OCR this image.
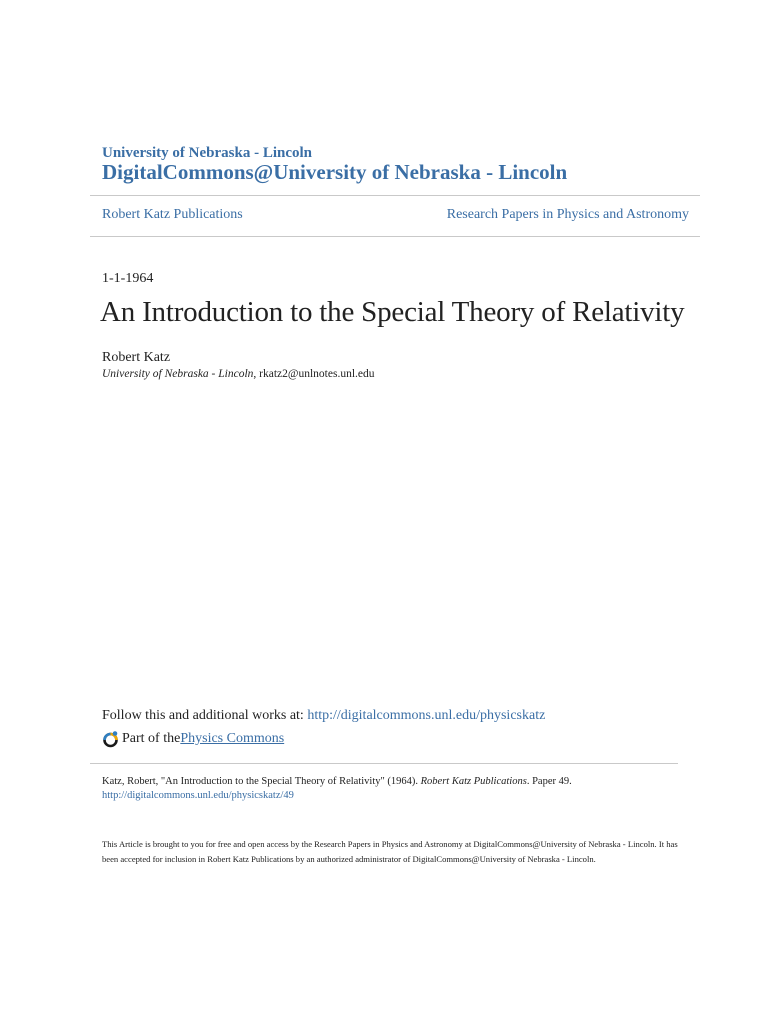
University of Nebraska - Lincoln
DigitalCommons@University of Nebraska - Lincoln
Robert Katz Publications	Research Papers in Physics and Astronomy
1-1-1964
An Introduction to the Special Theory of Relativity
Robert Katz
University of Nebraska - Lincoln, rkatz2@unlnotes.unl.edu
Follow this and additional works at: http://digitalcommons.unl.edu/physicskatz
Part of the Physics Commons
Katz, Robert, "An Introduction to the Special Theory of Relativity" (1964). Robert Katz Publications. Paper 49.
http://digitalcommons.unl.edu/physicskatz/49
This Article is brought to you for free and open access by the Research Papers in Physics and Astronomy at DigitalCommons@University of Nebraska - Lincoln. It has been accepted for inclusion in Robert Katz Publications by an authorized administrator of DigitalCommons@University of Nebraska - Lincoln.
